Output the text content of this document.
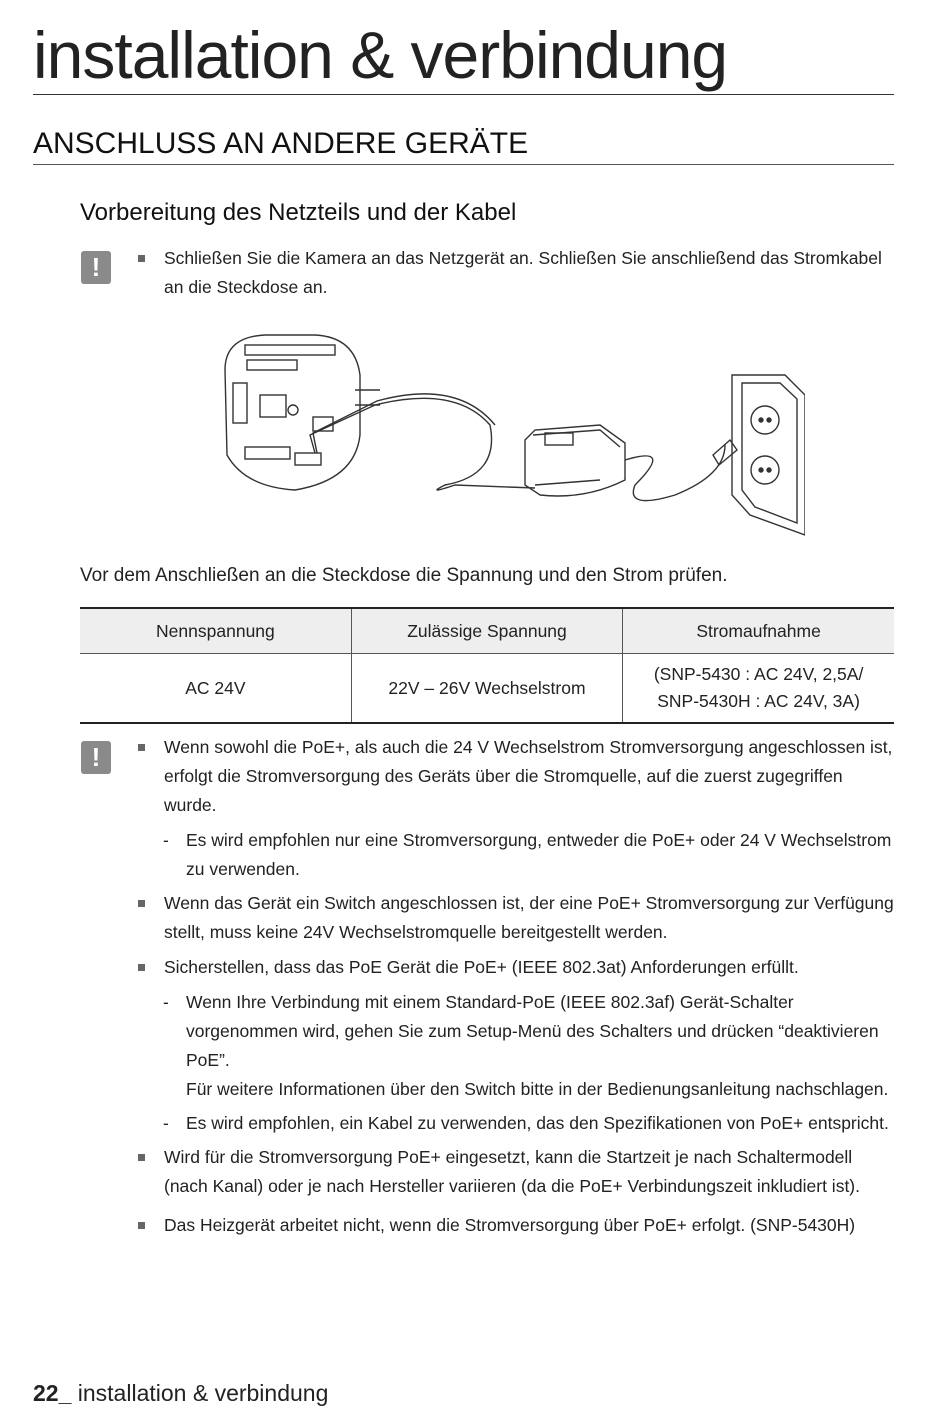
installation & verbindung
ANSCHLUSS AN ANDERE GERÄTE
Vorbereitung des Netzteils und der Kabel
!	Schließen Sie die Kamera an das Netzgerät an. Schließen Sie anschließend das Stromkabel an die Steckdose an.
Vor dem Anschließen an die Steckdose die Spannung und den Strom prüfen.
Nennspannung	Zulässige Spannung	Stromaufnahme
AC 24V	22V – 26V Wechselstrom	(SNP-5430 : AC 24V, 2,5A/
SNP-5430H : AC 24V, 3A)
!	Wenn sowohl die PoE+, als auch die 24 V Wechselstrom Stromversorgung angeschlossen ist, erfolgt die Stromversorgung des Geräts über die Stromquelle, auf die zuerst zugegriffen wurde.
- Es wird empfohlen nur eine Stromversorgung, entweder die PoE+ oder 24 V Wechselstrom zu verwenden.
Wenn das Gerät ein Switch angeschlossen ist, der eine PoE+ Stromversorgung zur Verfügung stellt, muss keine 24V Wechselstromquelle bereitgestellt werden.
Sicherstellen, dass das PoE Gerät die PoE+ (IEEE 802.3at) Anforderungen erfüllt.
- Wenn Ihre Verbindung mit einem Standard-PoE (IEEE 802.3af) Gerät-Schalter vorgenommen wird, gehen Sie zum Setup-Menü des Schalters und drücken “deaktivieren PoE”.
Für weitere Informationen über den Switch bitte in der Bedienungsanleitung nachschlagen.
- Es wird empfohlen, ein Kabel zu verwenden, das den Spezifikationen von PoE+ entspricht.
Wird für die Stromversorgung PoE+ eingesetzt, kann die Startzeit je nach Schaltermodell (nach Kanal) oder je nach Hersteller variieren (da die PoE+ Verbindungszeit inkludiert ist).
Das Heizgerät arbeitet nicht, wenn die Stromversorgung über PoE+ erfolgt. (SNP-5430H)
22_ installation & verbindung
